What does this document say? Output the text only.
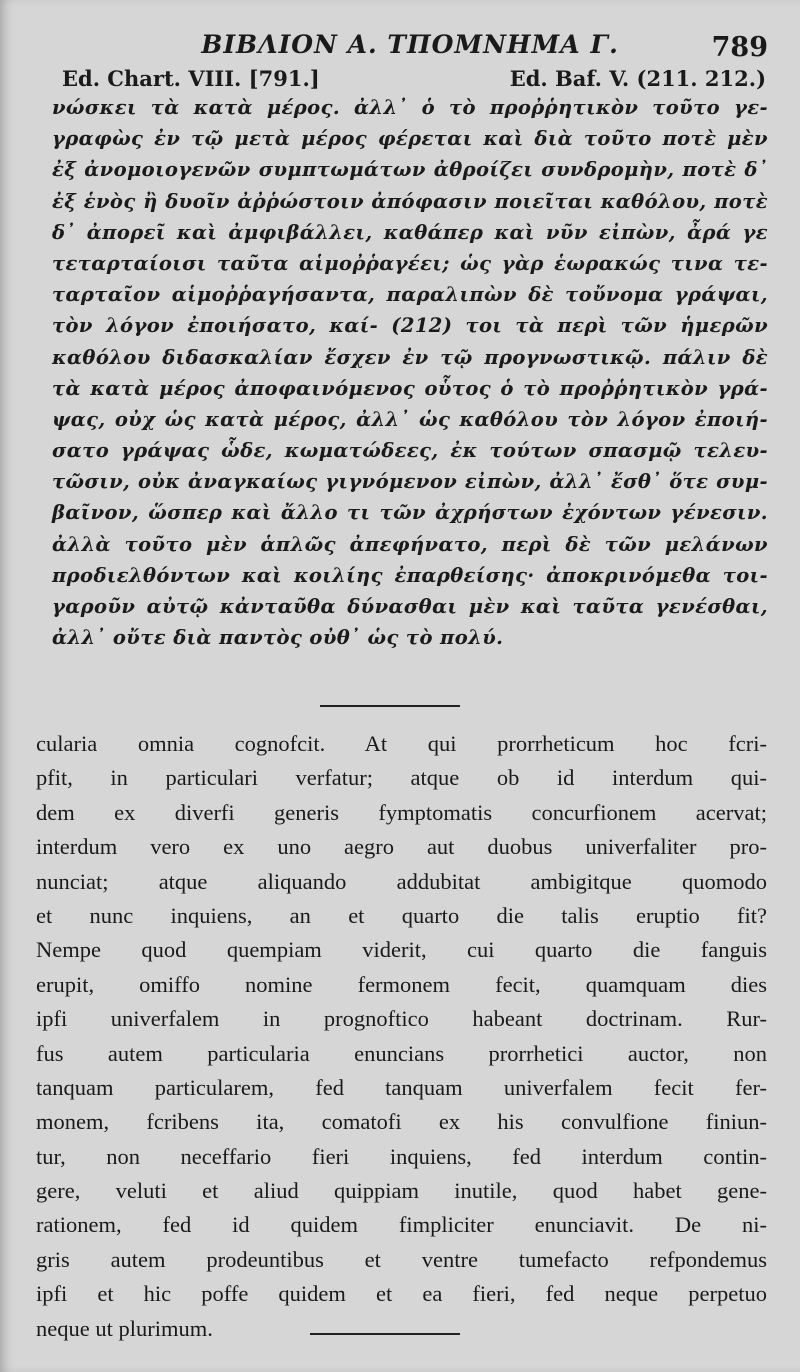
ΒΙΒΛΙΟΝ Α. ΤΠΟΜΝΗΜΑ Γ.	789
Ed. Chart. VIII. [791.]	Ed. Baf. V. (211. 212.)
νώσκει τὰ κατὰ μέρος. ἀλλ᾽ ὁ τὸ προῤῥητικὸν τοῦτο γε-
γραφὼς ἐν τῷ μετὰ μέρος φέρεται καὶ διὰ τοῦτο ποτὲ μὲν
ἐξ ἀνομοιογενῶν συμπτωμάτων ἀθροίζει συνδρομὴν, ποτὲ δ᾽
ἐξ ἑνὸς ἢ δυοῖν ἀῤῥώστοιν ἀπόφασιν ποιεῖται καθόλου, ποτὲ
δ᾽ ἀπορεῖ καὶ ἀμφιβάλλει, καθάπερ καὶ νῦν εἰπὼν, ἆρά γε
τεταρταίοισι ταῦτα αἱμοῤῥαγέει; ὡς γὰρ ἑωρακώς τινα τε-
ταρταῖον αἱμοῤῥαγήσαντα, παραλιπὼν δὲ τοὔνομα γράψαι,
τὸν λόγον ἐποιήσατο, καί- (212) τοι τὰ περὶ τῶν ἡμερῶν
καθόλου διδασκαλίαν ἔσχεν ἐν τῷ προγνωστικῷ. πάλιν δὲ
τὰ κατὰ μέρος ἀποφαινόμενος οὗτος ὁ τὸ προῤῥητικὸν γρά-
ψας, οὐχ ὡς κατὰ μέρος, ἀλλ᾽ ὡς καθόλου τὸν λόγον ἐποιή-
σατο γράψας ὧδε, κωματώδεες, ἐκ τούτων σπασμῷ τελευ-
τῶσιν, οὐκ ἀναγκαίως γιγνόμενον εἰπὼν, ἀλλ᾽ ἔσθ᾽ ὅτε συμ-
βαῖνον, ὥσπερ καὶ ἄλλο τι τῶν ἀχρήστων ἐχόντων γένεσιν.
ἀλλὰ τοῦτο μὲν ἁπλῶς ἀπεφήνατο, περὶ δὲ τῶν μελάνων
προδιελθόντων καὶ κοιλίης ἐπαρθείσης· ἀποκρινόμεθα τοι-
γαροῦν αὐτῷ κἀνταῦθα δύνασθαι μὲν καὶ ταῦτα γενέσθαι,
ἀλλ᾽ οὔτε διὰ παντὸς οὐθ᾽ ὡς τὸ πολύ.
cularia omnia cognofcit. At qui prorrheticum hoc fcri-
pfit, in particulari verfatur; atque ob id interdum qui-
dem ex diverfi generis fymptomatis concurfionem acervat;
interdum vero ex uno aegro aut duobus univerfaliter pro-
nunciat; atque aliquando addubitat ambigitque quomodo
et nunc inquiens, an et quarto die talis eruptio fit?
Nempe quod quempiam viderit, cui quarto die fanguis
erupit, omiffo nomine fermonem fecit, quamquam dies
ipfi univerfalem in prognoftico habeant doctrinam. Rur-
fus autem particularia enuncians prorrhetici auctor, non
tanquam particularem, fed tanquam univerfalem fecit fer-
monem, fcribens ita, comatofi ex his convulfione finiun-
tur, non neceffario fieri inquiens, fed interdum contin-
gere, veluti et aliud quippiam inutile, quod habet gene-
rationem, fed id quidem fimpliciter enunciavit. De ni-
gris autem prodeuntibus et ventre tumefacto refpondemus
ipfi et hic poffe quidem et ea fieri, fed neque perpetuo
neque ut plurimum.
